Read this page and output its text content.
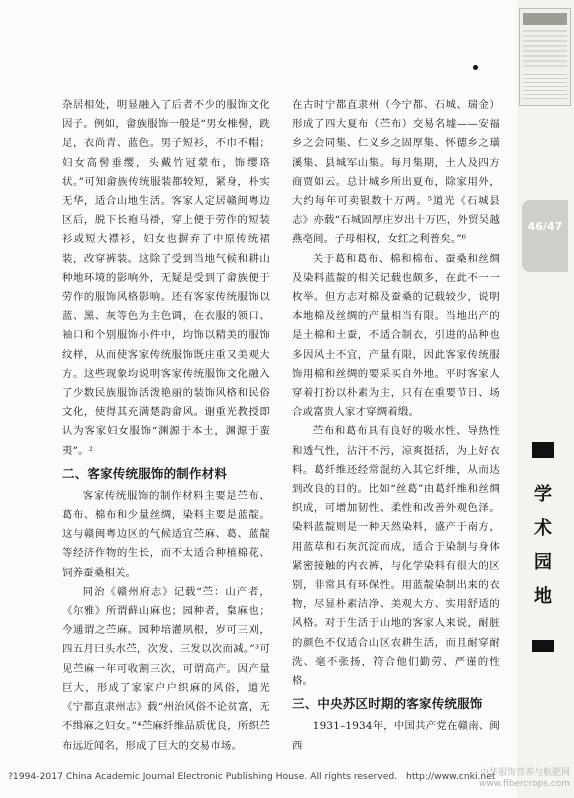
杂居相处，明显融入了后者不少的服饰文化因子。例如，畲族服饰一般是“男女椎髻，跣足，衣尚青、蓝色。男子短衫，不巾不帽；妇女高髻垂缨，头戴竹冠蒙布，饰缨珞状。”可知畲族传统服装都较短，紧身，朴实无华，适合山地生活。客家人定居赣闽粤边区后，脱下长袍马褂，穿上便于劳作的短装衫或短大襟衫，妇女也摒弃了中原传统裙装，改穿裤装。这除了受到当地气候和耕山种地环境的影响外，无疑是受到了畲族便于劳作的服饰风格影响。还有客家传统服饰以蓝、黑、灰等色为主色调，在衣服的领口、袖口和个别服饰小件中，均饰以精美的服饰纹样，从而使客家传统服饰既庄重又美观大方。这些现象均说明客家传统服饰文化融入了少数民族服饰活泼艳丽的装饰风格和民俗文化，使得其充满楚韵畲风。谢重光教授即认为客家妇女服饰“渊源于本土，渊源于蛮夷”。²

二、客家传统服饰的制作材料

客家传统服饰的制作材料主要是苎布、葛布、棉布和少量丝绸，染料主要是蓝靛。这与赣闽粤边区的气候适宜苎麻、葛、蓝靛等经济作物的生长，而不太适合种植棉花、饲养蚕桑相关。

同治《赣州府志》记载“苎：山产者，《尔雅》所谓藓山麻也；园种者，枲麻也；今通谓之苎麻。园种培灌夙根，岁可三刈，四五月曰头水苎，次发、三发以次而减。”³可见苎麻一年可收割三次，可谓高产。因产量巨大，形成了家家户户织麻的风俗，道光《宁都直隶州志》载“州治风俗不论贫富，无不缉麻之妇女。”⁴苎麻纤维品质优良，所织苎布远近闻名，形成了巨大的交易市场。

在古时宁都直隶州（今宁都、石城、瑞金）形成了四大夏布（苎布）交易名墟——安福乡之会同集、仁义乡之固厚集、怀德乡之璜溪集、县城军山集。每月集期，土人及四方商贾如云。总计城乡所出夏布，除家用外，大约每年可卖银数十万两。⁵道光《石城县志》亦载“石城固厚庄岁出十万匹，外贸吴越燕亳间。子母相权，女红之利普矣。”⁶

关于葛和葛布、棉和棉布、蚕桑和丝绸及染料蓝靛的相关记载也颇多，在此不一一枚举。但方志对棉及蚕桑的记载较少，说明本地棉及丝绸的产量相当有限。当地出产的是土棉和土蚕，不适合制衣，引进的品种也多因风土不宜，产量有限，因此客家传统服饰用棉和丝绸的要采买自外地。平时客家人穿着打扮以朴素为主，只有在重要节日、场合或富贵人家才穿绸着缎。

苎布和葛布具有良好的吸水性、导热性和透气性，沾汗不污，凉爽挺括，为上好衣料。葛纤维还经常混纺入其它纤维，从而达到改良的目的。比如“丝葛”由葛纤维和丝绸织成，可增加韧性、柔性和改善外观色泽。染料蓝靛则是一种天然染料，盛产于南方，用蓝草和石灰沉淀而成，适合于染制与身体紧密接触的内衣裤，与化学染料有很大的区别，非常具有环保性。用蓝靛染制出来的衣物，尽显朴素洁净、美观大方、实用舒适的风格。对于生活于山地的客家人来说，耐脏的颜色不仅适合山区农耕生活，而且耐穿耐洗、毫不张扬，符合他们勤劳、严谨的性格。

三、中央苏区时期的客家传统服饰

1931–1934年，中国共产党在赣南、闽西

46/47
学
术
园
地
?1994-2017 China Academic Journal Electronic Publishing House. All rights reserved. http://www.cnki.net
中华服饰营养与航肥网 www.fibercrops.com
